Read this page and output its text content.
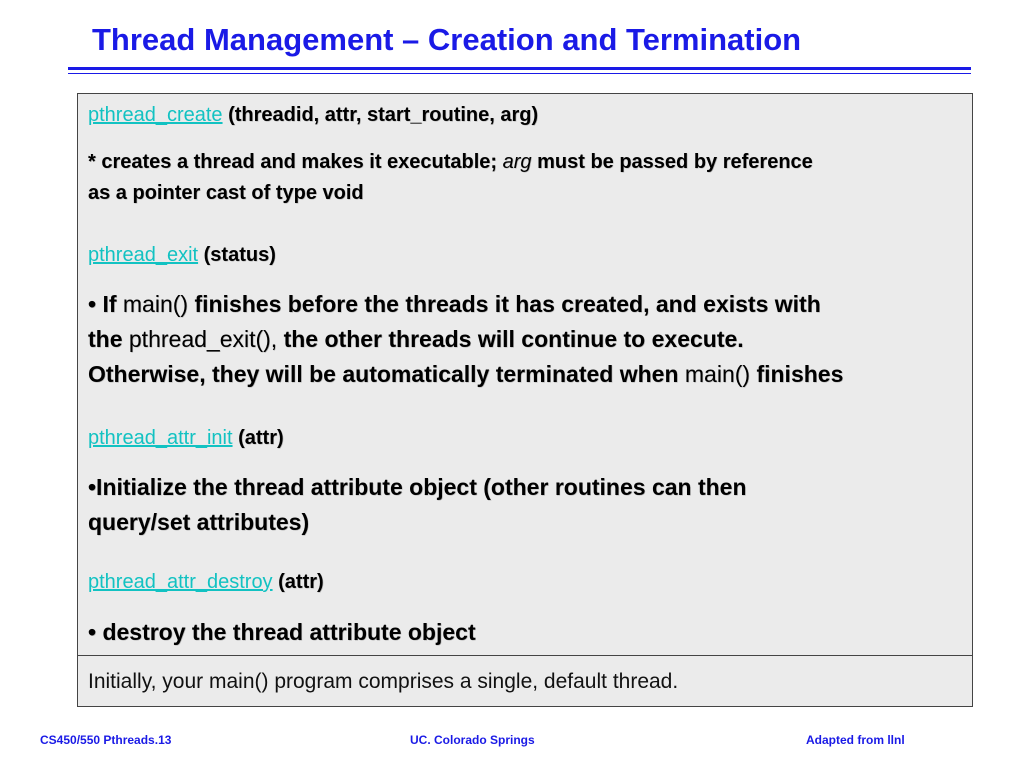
Thread Management – Creation and Termination
pthread_create (threadid, attr, start_routine, arg)
* creates a thread and makes it executable; arg must be passed by reference
as a pointer cast of type void
pthread_exit (status)
• If main() finishes before the threads it has created, and exists with
the pthread_exit(), the other threads will continue to execute.
Otherwise, they will be automatically terminated when main() finishes
pthread_attr_init (attr)
•Initialize the thread attribute object (other routines can then
query/set attributes)
pthread_attr_destroy (attr)
• destroy the thread attribute object
Initially, your main() program comprises a single, default thread.
CS450/550 Pthreads.13	UC. Colorado Springs	Adapted from llnl
